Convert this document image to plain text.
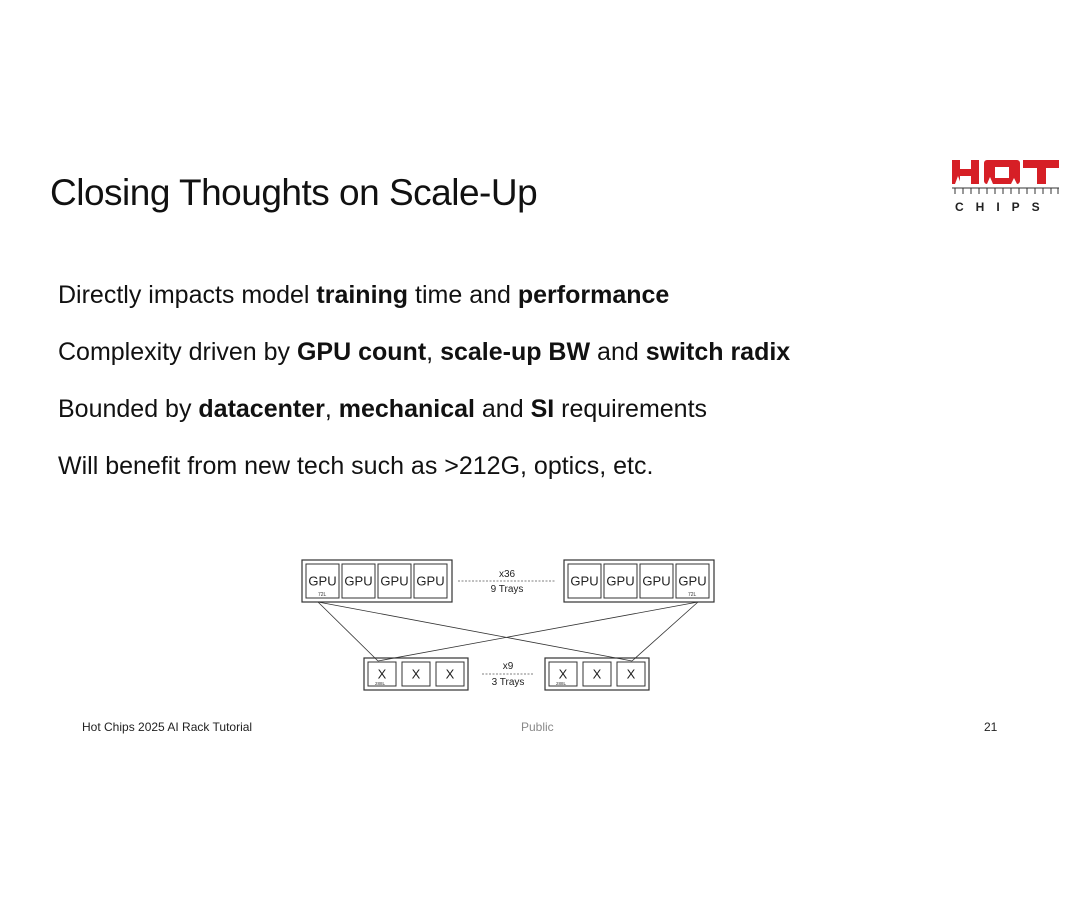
Closing Thoughts on Scale-Up	CHIPS
Directly impacts model training time and performance
Complexity driven by GPU count, scale-up BW and switch radix
Bounded by datacenter, mechanical and SI requirements
Will benefit from new tech such as >212G, optics, etc.
GPU GPU GPU GPU	GPU GPU GPU GPU
72L	72L
x36
9 Trays
X X X	X X X
288L	288L
x9
3 Trays
Hot Chips 2025 AI Rack Tutorial	Public	21
